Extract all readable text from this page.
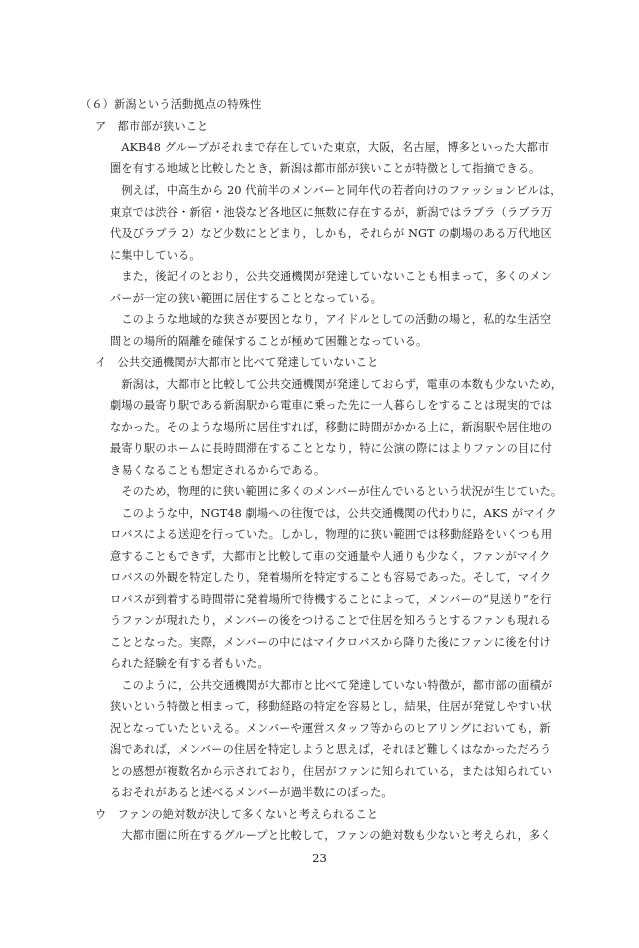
（６）新潟という活動拠点の特殊性
ア　都市部が狭いこと
　AKB48 グループがそれまで存在していた東京，大阪，名古屋，博多といった大都市
圏を有する地域と比較したとき，新潟は都市部が狭いことが特徴として指摘できる。
　例えば，中高生から 20 代前半のメンバーと同年代の若者向けのファッションビルは，
東京では渋谷・新宿・池袋など各地区に無数に存在するが，新潟ではラブラ（ラブラ万
代及びラブラ 2）など少数にとどまり，しかも，それらが NGT の劇場のある万代地区
に集中している。
　また，後記イのとおり，公共交通機関が発達していないことも相まって，多くのメン
バーが一定の狭い範囲に居住することとなっている。
　このような地域的な狭さが要因となり，アイドルとしての活動の場と，私的な生活空
間との場所的隔離を確保することが極めて困難となっている。
イ　公共交通機関が大都市と比べて発達していないこと
　新潟は，大都市と比較して公共交通機関が発達しておらず，電車の本数も少ないため，
劇場の最寄り駅である新潟駅から電車に乗った先に一人暮らしをすることは現実的では
なかった。そのような場所に居住すれば，移動に時間がかかる上に，新潟駅や居住地の
最寄り駅のホームに長時間滞在することとなり，特に公演の際にはよりファンの目に付
き易くなることも想定されるからである。
　そのため，物理的に狭い範囲に多くのメンバーが住んでいるという状況が生じていた。
　このような中，NGT48 劇場への往復では，公共交通機関の代わりに，AKS がマイク
ロバスによる送迎を行っていた。しかし，物理的に狭い範囲では移動経路をいくつも用
意することもできず，大都市と比較して車の交通量や人通りも少なく，ファンがマイク
ロバスの外観を特定したり，発着場所を特定することも容易であった。そして，マイク
ロバスが到着する時間帯に発着場所で待機することによって，メンバーの“見送り”を行
うファンが現れたり，メンバーの後をつけることで住居を知ろうとするファンも現れる
こととなった。実際，メンバーの中にはマイクロバスから降りた後にファンに後を付け
られた経験を有する者もいた。
　このように，公共交通機関が大都市と比べて発達していない特徴が，都市部の面積が
狭いという特徴と相まって，移動経路の特定を容易とし，結果，住居が発覚しやすい状
況となっていたといえる。メンバーや運営スタッフ等からのヒアリングにおいても，新
潟であれば，メンバーの住居を特定しようと思えば，それほど難しくはなかっただろう
との感想が複数名から示されており，住居がファンに知られている，または知られてい
るおそれがあると述べるメンバーが過半数にのぼった。
ウ　ファンの絶対数が決して多くないと考えられること
　大都市圏に所在するグループと比較して，ファンの絶対数も少ないと考えられ，多く
23
